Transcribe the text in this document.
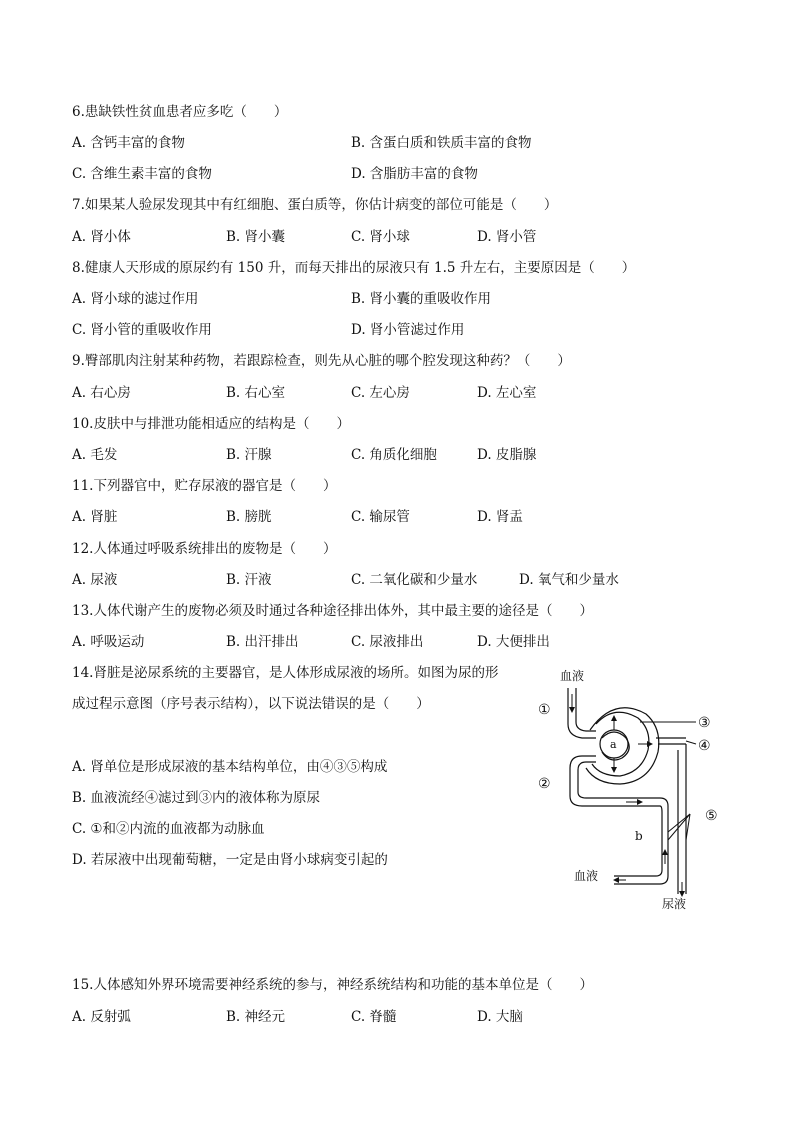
6.患缺铁性贫血患者应多吃（　　）
A. 含钙丰富的食物	B. 含蛋白质和铁质丰富的食物
C. 含维生素丰富的食物	D. 含脂肪丰富的食物
7.如果某人验尿发现其中有红细胞、蛋白质等，你估计病变的部位可能是（　　）
A. 肾小体	B. 肾小囊	C. 肾小球	D. 肾小管
8.健康人天形成的原尿约有 150 升，而每天排出的尿液只有 1.5 升左右，主要原因是（　　）
A. 肾小球的滤过作用	B. 肾小囊的重吸收作用
C. 肾小管的重吸收作用	D. 肾小管滤过作用
9.臀部肌肉注射某种药物，若跟踪检查，则先从心脏的哪个腔发现这种药？（　　）
A. 右心房	B. 右心室	C. 左心房	D. 左心室
10.皮肤中与排泄功能相适应的结构是（　　）
A. 毛发	B. 汗腺	C. 角质化细胞	D. 皮脂腺
11.下列器官中，贮存尿液的器官是（　　）
A. 肾脏	B. 膀胱	C. 输尿管	D. 肾盂
12.人体通过呼吸系统排出的废物是（　　）
A. 尿液	B. 汗液	C. 二氧化碳和少量水	D. 氧气和少量水
13.人体代谢产生的废物必须及时通过各种途径排出体外，其中最主要的途径是（　　）
A. 呼吸运动	B. 出汗排出	C. 尿液排出	D. 大便排出
14.肾脏是泌尿系统的主要器官，是人体形成尿液的场所。如图为尿的形
成过程示意图（序号表示结构），以下说法错误的是（　　）
A. 肾单位是形成尿液的基本结构单位，由④③⑤构成
B. 血液流经④滤过到③内的液体称为原尿
C. ①和②内流的血液都为动脉血
D. 若尿液中出现葡萄糖，一定是由肾小球病变引起的
血液
①
②
③
④
⑤
a
b
血液
尿液
15.人体感知外界环境需要神经系统的参与，神经系统结构和功能的基本单位是（　　）
A. 反射弧	B. 神经元	C. 脊髓	D. 大脑
